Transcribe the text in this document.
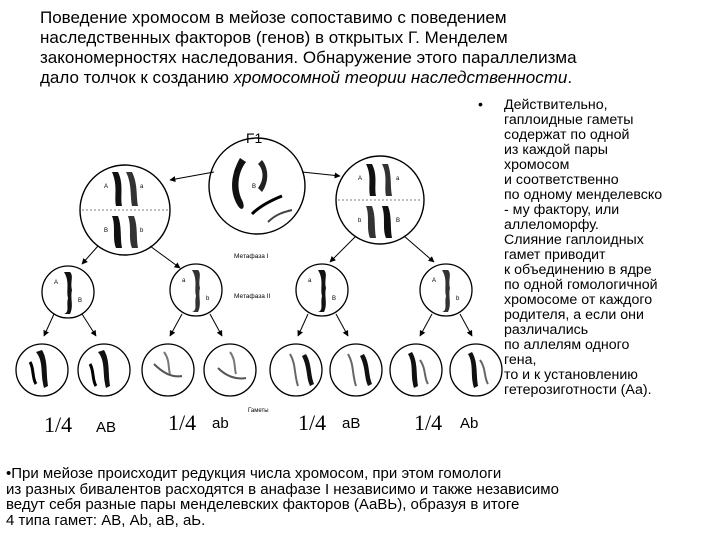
Поведение хромосом в мейозе сопоставимо с поведением
наследственных факторов (генов) в открытых Г. Менделем
закономерностях наследования. Обнаружение этого параллелизма
дало толчок к созданию хромосомной теории наследственности.
• Действительно,
гаплоидные гаметы
содержат по одной
из каждой пары
хромосом
и соответственно
по одному менделевско
- му фактору, или
аллеломорфу.
Слияние гаплоидных
гамет приводит
к объединению в ядре
по одной гомологичной
хромосоме от каждого
родителя, а если они
различались
по аллелям одного
гена,
то и к установлению
гетерозиготности (Аа).
F1
A
B
A	a
B	b
A	a
b	B
Метафаза I
Метафаза II
A
B
a
b
a
B
A
b
Гаметы
1/4 AB 1/4 ab	1/4 aB 1/4 Ab
•При мейозе происходит редукция числа хромосом, при этом гомологи
из разных бивалентов расходятся в анафазе I независимо и также независимо
ведут себя разные пары менделевских факторов (АаВЬ), образуя в итоге
4 типа гамет: АВ, Аb, аВ, аЬ.
